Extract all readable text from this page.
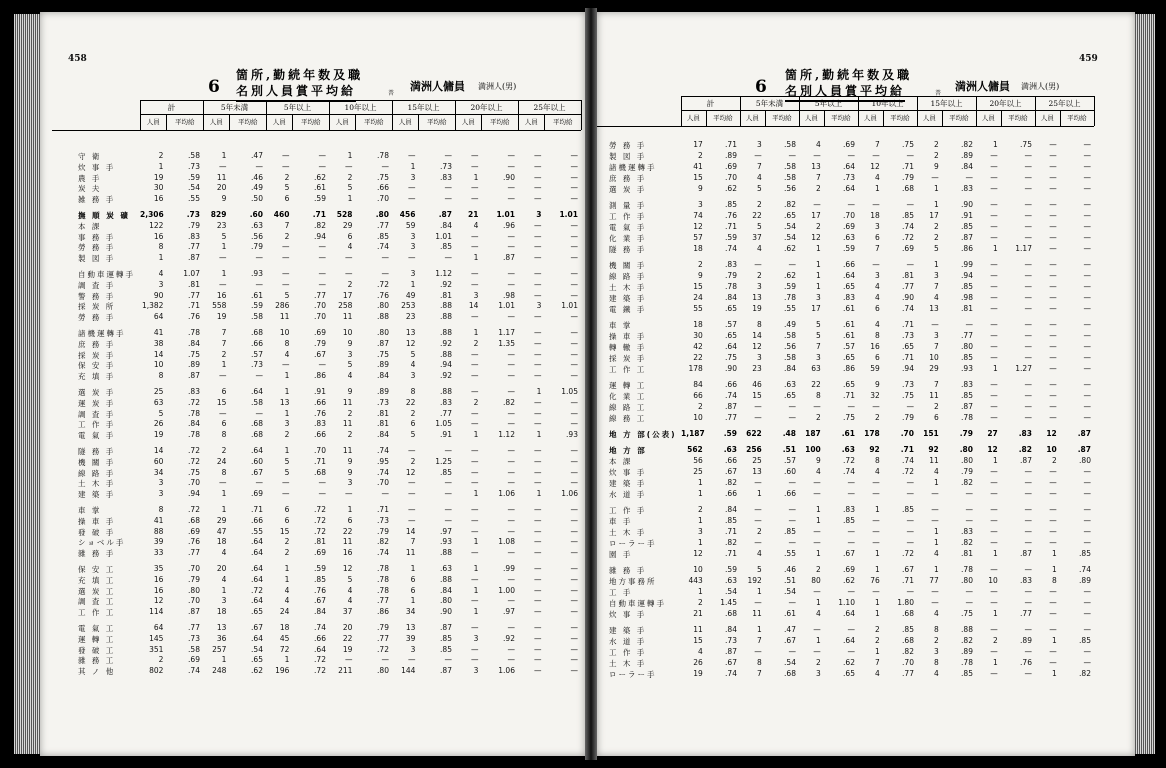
458
6
箇所,勤続年数及職
名別人員賞平均給	普
満洲人傭員 満洲人(男)
計
人員	平均給
5年未満
人員	平均給
5年以上
人員	平均給
10年以上
人員	平均給
15年以上
人員	平均給
20年以上
人員	平均給
25年以上
人員	平均給
守 衛	2	.58	1	.47	—	—	1	.78	—	—	—	—	—	—
炊 事 手	1	.73	—	—	—	—	—	—	1	.73	—	—	—	—
農 手	19	.59	11	.46	2	.62	2	.75	3	.83	1	.90	—	—
炭 夫	30	.54	20	.49	5	.61	5	.66	—	—	—	—	—	—
雑 務 手	16	.55	9	.50	6	.59	1	.70	—	—	—	—	—	—
撫 順 炭 礦 2,306	.73	829	.60	460	.71	528	.80	456	.87	21	1.01	3	1.01
本 課	122	.79	23	.63	7	.82	29	.77	59	.84	4	.96	—	—
事 務 手	16	.83	5	.56	2	.94	6	.85	3	1.01	—	—	—	—
勞 務 手	8	.77	1	.79	—	—	4	.74	3	.85	—	—	—	—
製 図 手	1	.87	—	—	—	—	—	—	—	—	1	.87	—	—
自動車運轉手	4	1.07	1	.93	—	—	—	—	3	1.12	—	—	—	—
調 査 手	3	.81	—	—	—	—	2	.72	1	.92	—	—	—	—
警 務 手	90	.77	16	.61	5	.77	17	.76	49	.81	3	.98	—	—
採 炭 所	1,382	.71	558	.59	286	.70	258	.80	253	.88	14	1.01	3	1.01
勞 務 手	64	.76	19	.58	11	.70	11	.88	23	.88	—	—	—	—
諸機運轉手	41	.78	7	.68	10	.69	10	.80	13	.88	1	1.17	—	—
庶 務 手	38	.84	7	.66	8	.79	9	.87	12	.92	2	1.35	—	—
採 炭 手	14	.75	2	.57	4	.67	3	.75	5	.88	—	—	—	—
保 安 手	10	.89	1	.73	—	—	5	.89	4	.94	—	—	—	—
充 填 手	8	.87	—	—	1	.86	4	.84	3	.92	—	—	—	—
選 炭 手	25	.83	6	.64	1	.91	9	.89	8	.88	—	—	1	1.05
運 炭 手	63	.72	15	.58	13	.66	11	.73	22	.83	2	.82	—	—
調 査 手	5	.78	—	—	1	.76	2	.81	2	.77	—	—	—	—
工 作 手	26	.84	6	.68	3	.83	11	.81	6	1.05	—	—	—	—
電 氣 手	19	.78	8	.68	2	.66	2	.84	5	.91	1	1.12	1	.93
隧 務 手	14	.72	2	.64	1	.70	11	.74	—	—	—	—	—	—
機 關 手	60	.72	24	.60	5	.71	9	.95	2	1.25	—	—	—	—
線 路 手	34	.75	8	.67	5	.68	9	.74	12	.85	—	—	—	—
土 木 手	3	.70	—	—	—	—	3	.70	—	—	—	—	—	—
建 築 手	3	.94	1	.69	—	—	—	—	—	—	1	1.06	1	1.06
車 掌	8	.72	1	.71	6	.72	1	.71	—	—	—	—	—	—
操 車 手	41	.68	29	.66	6	.72	6	.73	—	—	—	—	—	—
發 破 手	88	.69	47	.55	15	.72	22	.79	14	.97	—	—	—	—
ショベル手	39	.76	18	.64	2	.81	11	.82	7	.93	1	1.08	—	—
雜 務 手	33	.77	4	.64	2	.69	16	.74	11	.88	—	—	—	—
保 安 工	35	.70	20	.64	1	.59	12	.78	1	.63	1	.99	—	—
充 填 工	16	.79	4	.64	1	.85	5	.78	6	.88	—	—	—	—
選 炭 工	16	.80	1	.72	4	.76	4	.78	6	.84	1	1.00	—	—
調 査 工	12	.70	3	.64	4	.67	4	.77	1	.80	—	—	—	—
工 作 工	114	.87	18	.65	24	.84	37	.86	34	.90	1	.97	—	—
電 氣 工	64	.77	13	.67	18	.74	20	.79	13	.87	—	—	—	—
運 轉 工	145	.73	36	.64	45	.66	22	.77	39	.85	3	.92	—	—
發 破 工	351	.58	257	.54	72	.64	19	.72	3	.85	—	—	—	—
雜 務 工	2	.69	1	.65	1	.72	—	—	—	—	—	—	—	—
其 ノ 他	802	.74	248	.62	196	.72	211	.80	144	.87	3	1.06	—	—
459
6
箇所,勤続年数及職
名別人員賞平均給	普
満洲人傭員 満洲人(男)
計
人員	平均給
5年未満
人員	平均給
5年以上
人員	平均給
10年以上
人員	平均給
15年以上
人員	平均給
20年以上
人員	平均給
25年以上
人員	平均給
勞 務 手	17	.71	3	.58	4	.69	7	.75	2	.82	1	.75	—	—
製 図 手	2	.89	—	—	—	—	—	—	2	.89	—	—	—	—
諸機運轉手	41	.69	7	.58	13	.64	12	.71	9	.84	—	—	—	—
庶 務 手	15	.70	4	.58	7	.73	4	.79	—	—	—	—	—	—
選 炭 手	9	.62	5	.56	2	.64	1	.68	1	.83	—	—	—	—
測 量 手	3	.85	2	.82	—	—	—	—	1	.90	—	—	—	—
工 作 手	74	.76	22	.65	17	.70	18	.85	17	.91	—	—	—	—
電 氣 手	12	.71	5	.54	2	.69	3	.74	2	.85	—	—	—	—
化 業 手	57	.59	37	.54	12	.63	6	.72	2	.87	—	—	—	—
隧 務 手	18	.74	4	.62	1	.59	7	.69	5	.86	1	1.17	—	—
機 關 手	2	.83	—	—	1	.66	—	—	1	.99	—	—	—	—
線 路 手	9	.79	2	.62	1	.64	3	.81	3	.94	—	—	—	—
土 木 手	15	.78	3	.59	1	.65	4	.77	7	.85	—	—	—	—
建 築 手	24	.84	13	.78	3	.83	4	.90	4	.98	—	—	—	—
電 鐵 手	55	.65	19	.55	17	.61	6	.74	13	.81	—	—	—	—
車 掌	18	.57	8	.49	5	.61	4	.71	—	—	—	—	—	—
操 車 手	30	.65	14	.58	5	.61	8	.73	3	.77	—	—	—	—
轉 轍 手	42	.64	12	.56	7	.57	16	.65	7	.80	—	—	—	—
採 炭 手	22	.75	3	.58	3	.65	6	.71	10	.85	—	—	—	—
工 作 工	178	.90	23	.84	63	.86	59	.94	29	.93	1	1.27	—	—
運 轉 工	84	.66	46	.63	22	.65	9	.73	7	.83	—	—	—	—
化 業 工	66	.74	15	.65	8	.71	32	.75	11	.85	—	—	—	—
線 路 工	2	.87	—	—	—	—	—	—	2	.87	—	—	—	—
線 務 工	10	.77	—	—	2	.75	2	.79	6	.78	—	—	—	—
地 方 部(公表) 1,187	.59	622	.48	187	.61	178	.70	151	.79	27	.83	12	.87
地 方 部	562	.63	256	.51	100	.63	92	.71	92	.80	12	.82	10	.87
本 課	56	.66	25	.57	9	.72	8	.74	11	.80	1	.87	2	.80
炊 事 手	25	.67	13	.60	4	.74	4	.72	4	.79	—	—	—	—
建 築 手	1	.82	—	—	—	—	—	—	1	.82	—	—	—	—
水 道 手	1	.66	1	.66	—	—	—	—	—	—	—	—	—	—
工 作 手	2	.84	—	—	1	.83	1	.85	—	—	—	—	—	—
車 手	1	.85	—	—	1	.85	—	—	—	—	—	—	—	—
土 木 手	3	.71	2	.85	—	—	—	—	1	.83	—	—	—	—
ローラー手	1	.82	—	—	—	—	—	—	1	.82	—	—	—	—
園 手	12	.71	4	.55	1	.67	1	.72	4	.81	1	.87	1	.85
雜 務 手	10	.59	5	.46	2	.69	1	.67	1	.78	—	—	1	.74
地方事務所	443	.63	192	.51	80	.62	76	.71	77	.80	10	.83	8	.89
工 手	1	.54	1	.54	—	—	—	—	—	—	—	—	—	—
自動車運轉手	2	1.45	—	—	1	1.10	1	1.80	—	—	—	—	—	—
炊 事 手	21	.68	11	.61	4	.64	1	.68	4	.75	1	.77	—	—
建 築 手	11	.84	1	.47	—	—	2	.85	8	.88	—	—	—	—
水 道 手	15	.73	7	.67	1	.64	2	.68	2	.82	2	.89	1	.85
工 作 手	4	.87	—	—	—	—	1	.82	3	.89	—	—	—	—
土 木 手	26	.67	8	.54	2	.62	7	.70	8	.78	1	.76	—	—
ローラー手	19	.74	7	.68	3	.65	4	.77	4	.85	—	—	1	.82
